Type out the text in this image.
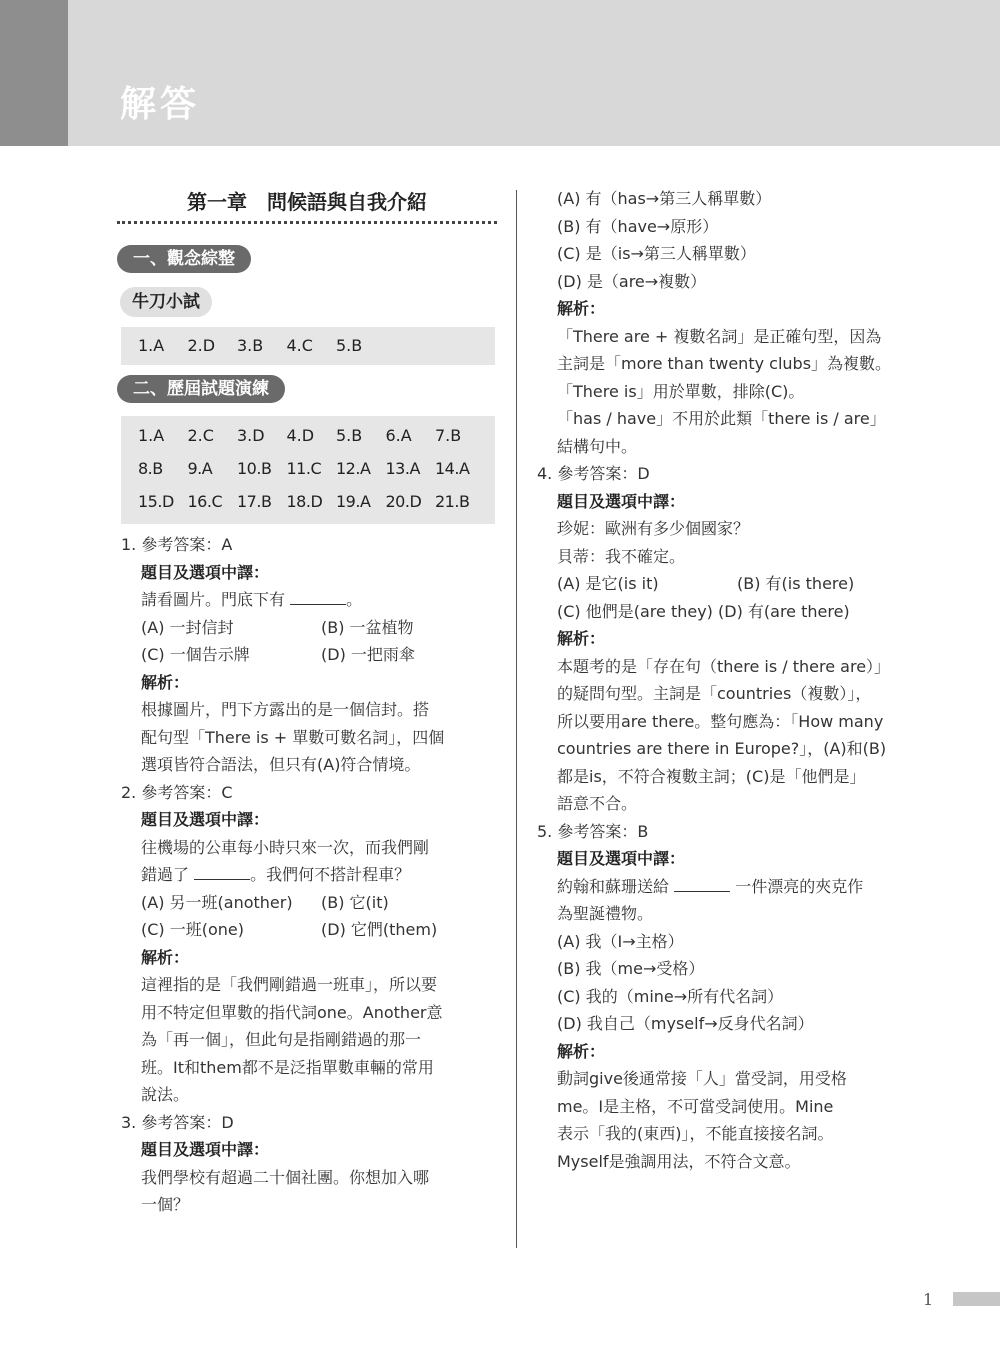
解答
第一章　問候語與自我介紹
一、觀念綜整
牛刀小試
1.A	2.D	3.B	4.C	5.B
二、歷屆試題演練
1.A	2.C	3.D	4.D	5.B	6.A	7.B
8.B	9.A	10.B 11.C 12.A 13.A 14.A
15.D 16.C 17.B 18.D 19.A 20.D 21.B

1. 參考答案：A

題目及選項中譯：

請看圖片。門底下有	。

(A) 一封信封	(B) 一盆植物

(C) 一個告示牌	(D) 一把雨傘

解析：

根據圖片，門下方露出的是一個信封。搭

配句型「There is + 單數可數名詞」，四個

選項皆符合語法，但只有(A)符合情境。

2. 參考答案：C

題目及選項中譯：

往機場的公車每小時只來一次，而我們剛

錯過了	。我們何不搭計程車？

(A) 另一班(another)	(B) 它(it)

(C) 一班(one)	(D) 它們(them)

解析：

這裡指的是「我們剛錯過一班車」，所以要

用不特定但單數的指代詞one。Another意

為「再一個」，但此句是指剛錯過的那一

班。It和them都不是泛指單數車輛的常用

說法。

3. 參考答案：D

題目及選項中譯：

我們學校有超過二十個社團。你想加入哪

一個？

(A) 有（has→第三人稱單數）

(B) 有（have→原形）

(C) 是（is→第三人稱單數）

(D) 是（are→複數）

解析：

「There are + 複數名詞」是正確句型，因為

主詞是「more than twenty clubs」為複數。

「There is」用於單數，排除(C)。

「has / have」不用於此類「there is / are」

結構句中。

4. 參考答案：D

題目及選項中譯：

珍妮：歐洲有多少個國家？

貝蒂：我不確定。

(A) 是它(is it)	(B) 有(is there)

(C) 他們是(are they) (D) 有(are there)

解析：

本題考的是「存在句（there is / there are）」

的疑問句型。主詞是「countries（複數）」，

所以要用are there。整句應為：「How many

countries are there in Europe?」，(A)和(B)

都是is，不符合複數主詞；(C)是「他們是」

語意不合。

5. 參考答案：B

題目及選項中譯：

約翰和蘇珊送給	一件漂亮的夾克作

為聖誕禮物。

(A) 我（I→主格）

(B) 我（me→受格）

(C) 我的（mine→所有代名詞）

(D) 我自己（myself→反身代名詞）

解析：

動詞give後通常接「人」當受詞，用受格

me。I是主格，不可當受詞使用。Mine

表示「我的(東西)」，不能直接接名詞。

Myself是強調用法，不符合文意。

1
